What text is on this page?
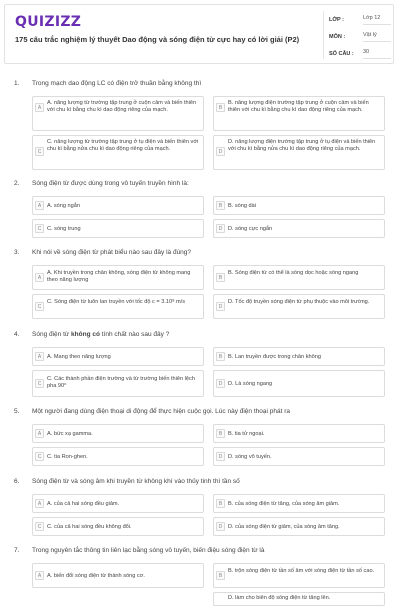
QUIZIZZ
175 câu trắc nghiệm lý thuyết Dao động và sóng điện từ cực hay có lời giải (P2)
LỚP :	Lớp 12
MÔN :	Vật lý
SỐ CÂU : 30
1. Trong mạch dao động LC có điện trở thuần bằng không thì
A
A. năng lượng từ trường tập trung ở cuộn cảm và biến thiên với chu kì bằng chu kì dao động riêng của mạch.	B
B. năng lượng điện trường tập trung ở cuộn cảm và biến thiên với chu kì bằng chu kì dao động riêng của mạch.
C
C. năng lượng từ trường tập trung ở tụ điện và biến thiên với chu kì bằng nửa chu kì dao động riêng của mạch.	D
D. năng lượng điện trường tập trung ở tụ điện và biến thiên với chu kì bằng nửa chu kì dao động riêng của mạch.
2. Sóng điện từ được dùng trong vô tuyến truyền hình là:
A	A. sóng ngắn	B	B. sóng dài
C	C. sóng trung	D	D. sóng cực ngắn
3. Khi nói về sóng điện từ phát biểu nào sau đây là đúng?
A
A. Khi truyền trong chân không, sóng điện từ không mang theo năng lượng	B
B. Sóng điện từ có thể là sóng dọc hoặc sóng ngang
C
C. Sóng điện từ luôn lan truyền với tốc độ c = 3.10⁸ m/s
D
D. Tốc độ truyền sóng điện từ phụ thuộc vào môi trường.
4. Sóng điện từ không có tính chất nào sau đây ?
A	A. Mang theo năng lượng	B	B. Lan truyền được trong chân không
C
C. Các thành phần điện trường và từ trường biến thiên lệch pha 90⁰	D	D. Là sóng ngang
5. Một người đang dùng điện thoại di động để thực hiện cuộc gọi. Lúc này điện thoại phát ra
A	A. bức xạ gamma.	B	B. tia tử ngoại.
C	C. tia Ron-ghen.	D	D. sóng vô tuyến.
6. Sóng điện từ và sóng âm khi truyền từ không khí vào thủy tinh thì tần số
A	A. của cả hai sóng đều giảm.	B	B. của sóng điện từ tăng, của sóng âm giảm.
C	C. của cả hai sóng đều không đổi.	D	D. của sóng điện từ giảm, của sóng âm tăng.
7. Trong nguyên tắc thông tin liên lạc bằng sóng vô tuyến, biến điệu sóng điện từ là
A	A. biến đổi sóng điện từ thành sóng cơ.	B
B. trộn sóng điện từ tần số âm với sóng điện từ tần số cao.
D. làm cho biên độ sóng điện từ tăng lên.
